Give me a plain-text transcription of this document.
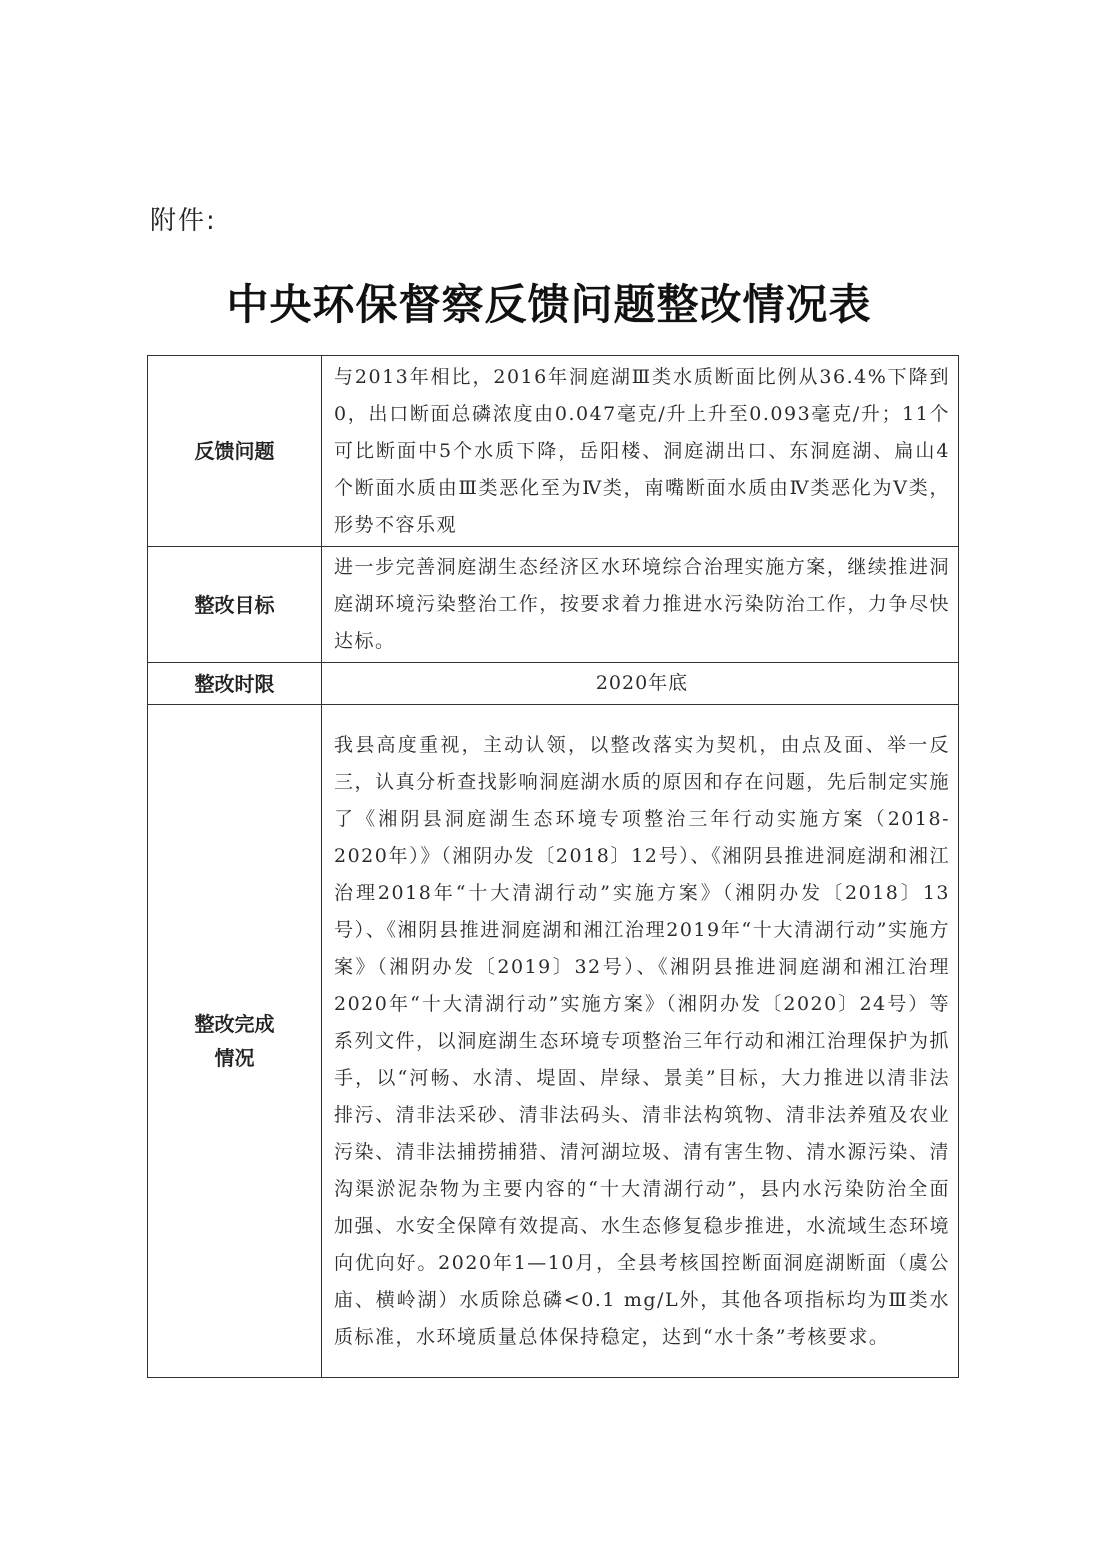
附件:
中央环保督察反馈问题整改情况表
反馈问题	与2013年相比，2016年洞庭湖Ⅲ类水质断面比例从36.4%下降到0，出口断面总磷浓度由0.047毫克/升上升至0.093毫克/升；11个可比断面中5个水质下降，岳阳楼、洞庭湖出口、东洞庭湖、扁山4个断面水质由Ⅲ类恶化至为Ⅳ类，南嘴断面水质由Ⅳ类恶化为Ⅴ类，形势不容乐观
整改目标	进一步完善洞庭湖生态经济区水环境综合治理实施方案，继续推进洞庭湖环境污染整治工作，按要求着力推进水污染防治工作，力争尽快达标。
整改时限	2020年底

整改完成
情况	我县高度重视，主动认领，以整改落实为契机，由点及面、举一反三，认真分析查找影响洞庭湖水质的原因和存在问题，先后制定实施了《湘阴县洞庭湖生态环境专项整治三年行动实施方案（2018-2020年）》（湘阴办发〔2018〕12号）、《湘阴县推进洞庭湖和湘江治理2018年“十大清湖行动”实施方案》（湘阴办发〔2018〕13号）、《湘阴县推进洞庭湖和湘江治理2019年“十大清湖行动”实施方案》（湘阴办发〔2019〕32号）、《湘阴县推进洞庭湖和湘江治理2020年“十大清湖行动”实施方案》（湘阴办发〔2020〕24号）等系列文件，以洞庭湖生态环境专项整治三年行动和湘江治理保护为抓手，以“河畅、水清、堤固、岸绿、景美”目标，大力推进以清非法排污、清非法采砂、清非法码头、清非法构筑物、清非法养殖及农业污染、清非法捕捞捕猎、清河湖垃圾、清有害生物、清水源污染、清沟渠淤泥杂物为主要内容的“十大清湖行动”，县内水污染防治全面加强、水安全保障有效提高、水生态修复稳步推进，水流域生态环境向优向好。2020年1—10月，全县考核国控断面洞庭湖断面（虞公庙、横岭湖）水质除总磷<0.1 mg/L外，其他各项指标均为Ⅲ类水质标准，水环境质量总体保持稳定，达到“水十条”考核要求。
